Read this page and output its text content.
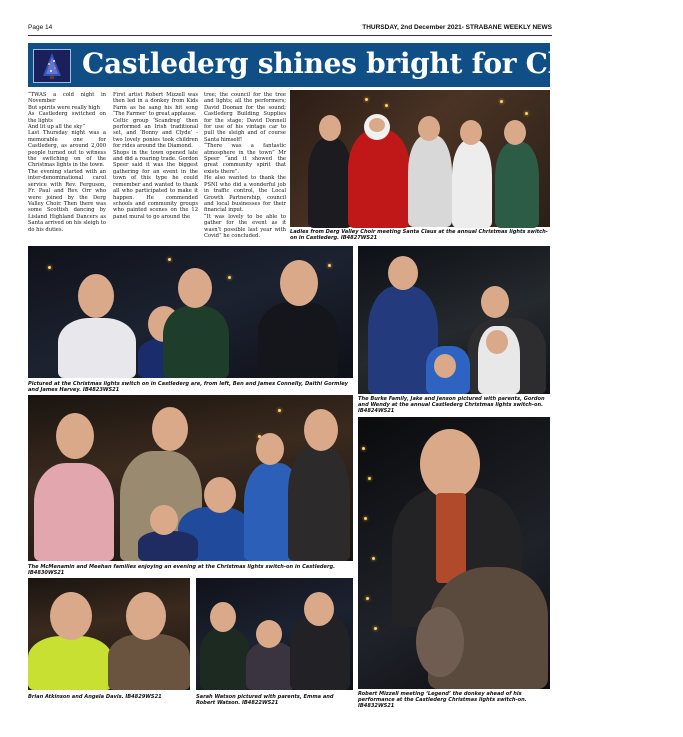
Page 14	THURSDAY, 2nd December 2021- STRABANE WEEKLY NEWS
Castlederg shines bright for Christmas
“TWAS a cold night in November
But spirits were really high
As Castlederg switched on the lights
And lit up all the sky”
Last Thursday night was a memorable one for Castlederg, as around 2,000 people turned out to witness the switching on of the Christmas lights in the town.
The evening started with an inter-denominational carol service with Rev. Ferguson, Fr. Paul and Rev. Orr who were joined by the Derg Valley Choir. Then there was some Scottish dancing by Lisland Highland Dancers as Santa arrived on his sleigh to do his duties.
First artist Robert Mizzell was then led in a donkey from Kids Farm as he sang his hit song ‘The Farmer’ to great applause.
Celtic group ‘Scandreg’ then performed an Irish traditional set, and ‘Bonny and Clyde’ - two lovely ponies took children for rides around the Diamond.
Shops in the town opened late and did a roaring trade. Gordon Speer said it was the biggest gathering for an event in the town of this type he could remember and wanted to thank all who participated to make it happen. He commended schools and community groups who painted scenes on the 12 panel mural to go around the
tree; the council for the tree and lights; all the performers; David Doonan for the sound; Castlederg Building Supplies for the stage; David Donnell for use of his vintage car to pull the sleigh and of course Santa himself!
“There was a fantastic atmosphere in the town” Mr Speer “and it showed the great community spirit that exists there”.
He also wanted to thank the PSNI who did a wonderful job in traffic control, the Local Growth Partnership, council and local businesses for their financial input.
“It was lovely to be able to gather for the event as it wasn’t possible last year with Covid” he concluded.
Ladies from Derg Valley Choir meeting Santa Claus at the annual Christmas lights switch-on in Castlederg. IB4827WS21
Pictured at the Christmas lights switch on in Castlederg are, from left, Ben and James Connelly, Daithi Gormley and James Harvey. IB4823WS21
The Burke Family, Jake and Jenson pictured with parents, Gordon and Wendy at the annual Castlederg Christmas lights switch-on. IB4824WS21
The McMenamin and Meehan families enjoying an evening at the Christmas lights switch-on in Castlederg. IB4830WS21
Robert Mizzell meeting ‘Legend’ the donkey ahead of his performance at the Castlederg Christmas lights switch-on. IB4832WS21
Brian Atkinson and Angela Davis. IB4829WS21	Sarah Watson pictured with parents, Emma and Robert Watson. IB4822WS21
